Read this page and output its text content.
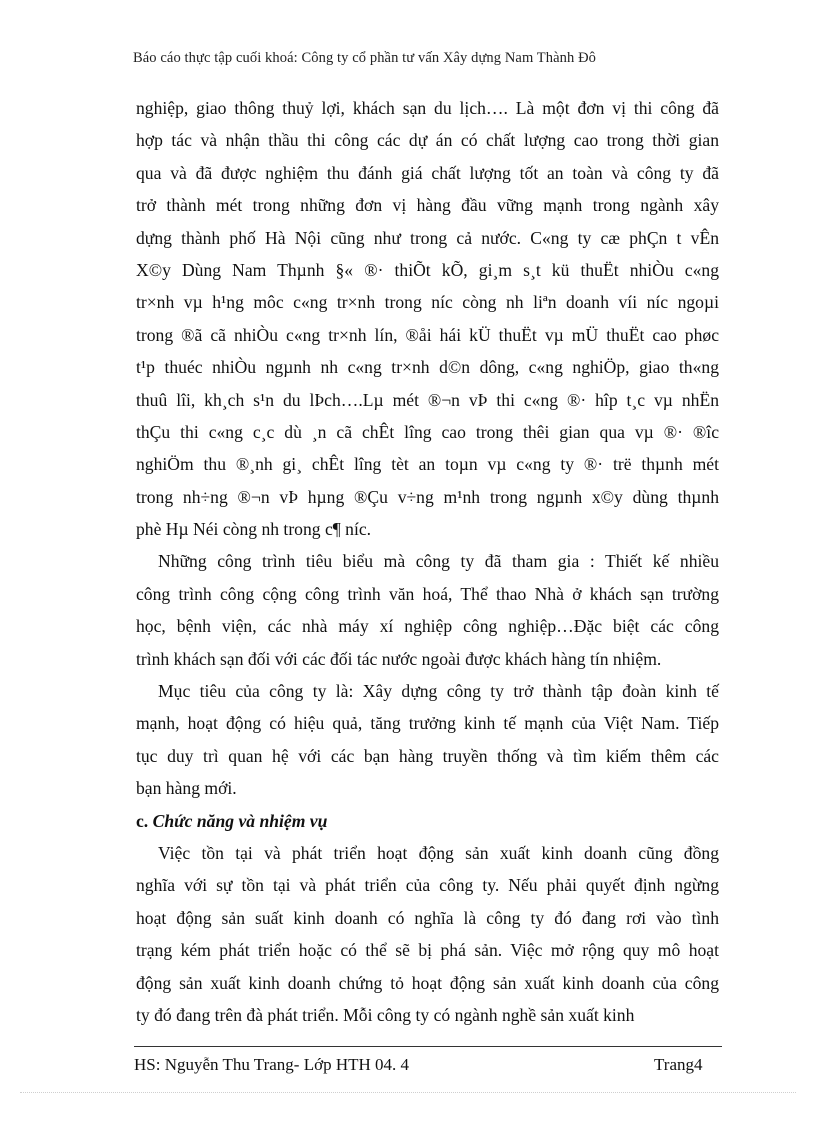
Báo cáo thực tập cuối khoá: Công ty cổ phần tư vấn Xây dựng Nam Thành Đô
nghiệp, giao thông thuỷ lợi, khách sạn du lịch…. Là một đơn vị thi công đã
hợp tác và nhận thầu thi công các dự án có chất lượng cao trong thời gian
qua và đã được nghiệm thu đánh giá chất lượng tốt an toàn và công ty đã
trở thành mét trong những đơn vị hàng đầu vững mạnh trong ngành xây
dựng thành phố Hà Nội cũng như trong cả nước. C«ng ty cæ phÇn t vÊn
X©y Dùng Nam Thµnh §« ®· thiÕt kÕ, gi¸m s¸t kü thuËt nhiÒu c«ng
tr×nh vµ h¹ng môc c«ng tr×nh trong níc còng nh liªn doanh víi níc ngoµi
trong ®ã cã nhiÒu c«ng tr×nh lín, ®åi hái kÜ thuËt vµ mÜ thuËt cao phøc
t¹p thuéc nhiÒu ngµnh nh c«ng tr×nh d©n dông, c«ng nghiÖp, giao th«ng
thuû lîi, kh¸ch s¹n du lÞch….Lµ mét ®¬n vÞ thi c«ng ®· hîp t¸c vµ nhËn
thÇu thi c«ng c¸c dù ¸n cã chÊt lîng cao trong thêi gian qua vµ ®· ®îc
nghiÖm thu ®¸nh gi¸ chÊt lîng tèt an toµn vµ c«ng ty ®· trë thµnh mét
trong nh÷ng ®¬n vÞ hµng ®Çu v÷ng m¹nh trong ngµnh x©y dùng thµnh
phè Hµ Néi còng nh trong c¶ níc.
Những công trình tiêu biểu mà công ty đã tham gia : Thiết kế nhiều
công trình công cộng công trình văn hoá, Thể thao Nhà ở khách sạn trường
học, bệnh viện, các nhà máy xí nghiệp công nghiệp…Đặc biệt các công
trình khách sạn đối với các đối tác nước ngoài được khách hàng tín nhiệm.
Mục tiêu của công ty là: Xây dựng công ty trở thành tập đoàn kinh tế
mạnh, hoạt động có hiệu quả, tăng trưởng kinh tế mạnh của Việt Nam. Tiếp
tục duy trì quan hệ với các bạn hàng truyền thống và tìm kiếm thêm các
bạn hàng mới.
c. Chức năng và nhiệm vụ
Việc tồn tại và phát triển hoạt động sản xuất kinh doanh cũng đồng
nghĩa với sự tồn tại và phát triển của công ty. Nếu phải quyết định ngừng
hoạt động sản suất kinh doanh có nghĩa là công ty đó đang rơi vào tình
trạng kém phát triển hoặc có thể sẽ bị phá sản. Việc mở rộng quy mô hoạt
động sản xuất kinh doanh chứng tỏ hoạt động sản xuất kinh doanh của công
ty đó đang trên đà phát triển. Mỗi công ty có ngành nghề sản xuất kinh
HS: Nguyễn Thu Trang- Lớp HTH 04. 4	Trang4
